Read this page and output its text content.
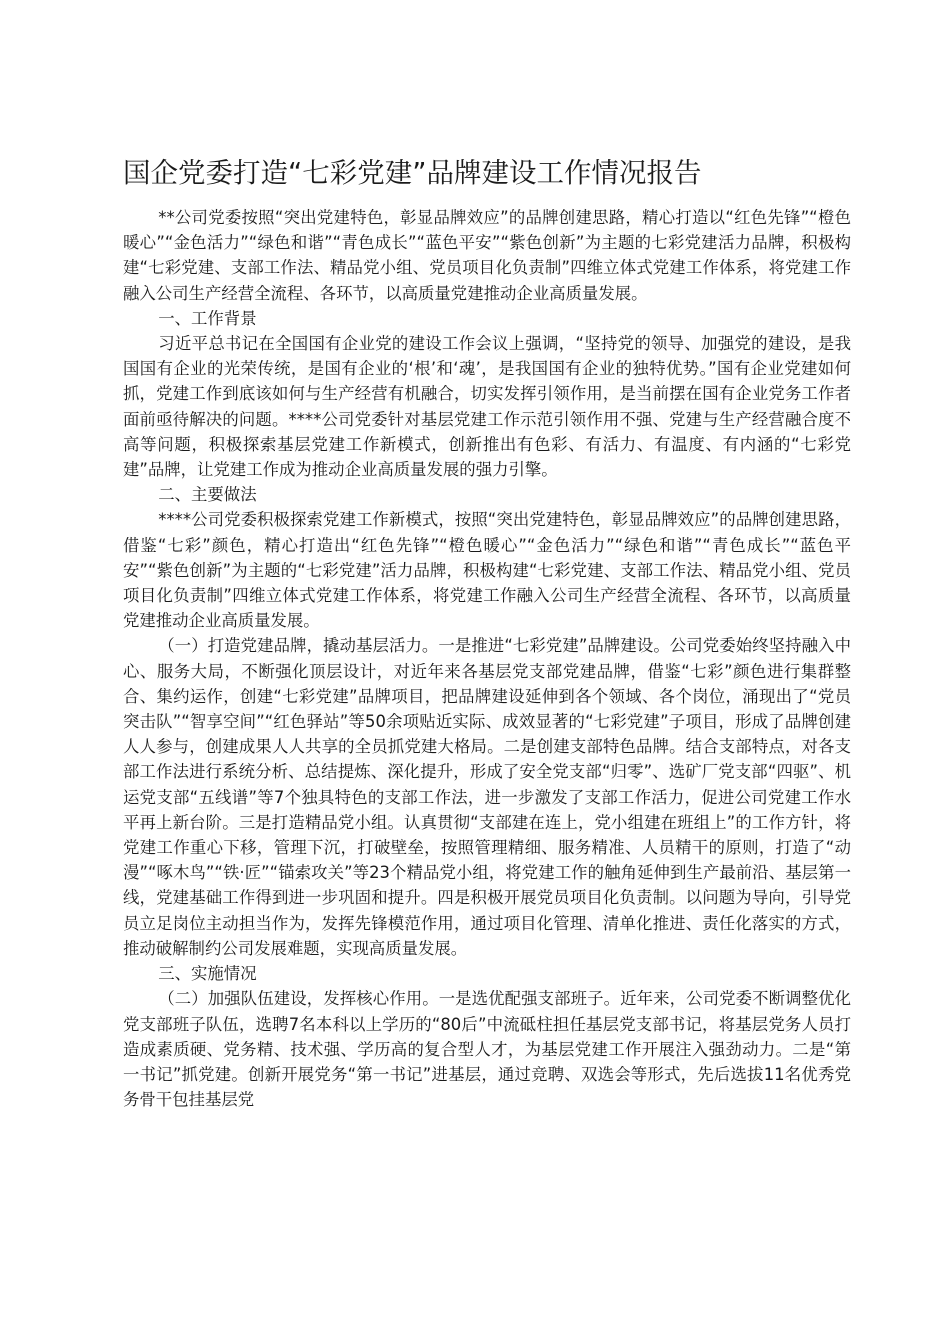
国企党委打造“七彩党建”品牌建设工作情况报告

**公司党委按照“突出党建特色，彰显品牌效应”的品牌创建思路，精心打造以“红色先锋”“橙色暖心”“金色活力”“绿色和谐”“青色成长”“蓝色平安”“紫色创新”为主题的七彩党建活力品牌，积极构建“七彩党建、支部工作法、精品党小组、党员项目化负责制”四维立体式党建工作体系，将党建工作融入公司生产经营全流程、各环节，以高质量党建推动企业高质量发展。

一、工作背景

习近平总书记在全国国有企业党的建设工作会议上强调，“坚持党的领导、加强党的建设，是我国国有企业的光荣传统，是国有企业的‘根’和‘魂’，是我国国有企业的独特优势。”国有企业党建如何抓，党建工作到底该如何与生产经营有机融合，切实发挥引领作用，是当前摆在国有企业党务工作者面前亟待解决的问题。****公司党委针对基层党建工作示范引领作用不强、党建与生产经营融合度不高等问题，积极探索基层党建工作新模式，创新推出有色彩、有活力、有温度、有内涵的“七彩党建”品牌，让党建工作成为推动企业高质量发展的强力引擎。

二、主要做法

****公司党委积极探索党建工作新模式，按照“突出党建特色，彰显品牌效应”的品牌创建思路，借鉴“七彩”颜色，精心打造出“红色先锋”“橙色暖心”“金色活力”“绿色和谐”“青色成长”“蓝色平安”“紫色创新”为主题的“七彩党建”活力品牌，积极构建“七彩党建、支部工作法、精品党小组、党员项目化负责制”四维立体式党建工作体系，将党建工作融入公司生产经营全流程、各环节，以高质量党建推动企业高质量发展。

（一）打造党建品牌，撬动基层活力。一是推进“七彩党建”品牌建设。公司党委始终坚持融入中心、服务大局，不断强化顶层设计，对近年来各基层党支部党建品牌，借鉴“七彩”颜色进行集群整合、集约运作，创建“七彩党建”品牌项目，把品牌建设延伸到各个领域、各个岗位，涌现出了“党员突击队”“智享空间”“红色驿站”等50余项贴近实际、成效显著的“七彩党建”子项目，形成了品牌创建人人参与，创建成果人人共享的全员抓党建大格局。二是创建支部特色品牌。结合支部特点，对各支部工作法进行系统分析、总结提炼、深化提升，形成了安全党支部“归零”、选矿厂党支部“四驱”、机运党支部“五线谱”等7个独具特色的支部工作法，进一步激发了支部工作活力，促进公司党建工作水平再上新台阶。三是打造精品党小组。认真贯彻“支部建在连上，党小组建在班组上”的工作方针，将党建工作重心下移，管理下沉，打破壁垒，按照管理精细、服务精准、人员精干的原则，打造了“动漫”“啄木鸟”“铁·匠”“锚索攻关”等23个精品党小组，将党建工作的触角延伸到生产最前沿、基层第一线，党建基础工作得到进一步巩固和提升。四是积极开展党员项目化负责制。以问题为导向，引导党员立足岗位主动担当作为，发挥先锋模范作用，通过项目化管理、清单化推进、责任化落实的方式，推动破解制约公司发展难题，实现高质量发展。

三、实施情况

（二）加强队伍建设，发挥核心作用。一是选优配强支部班子。近年来，公司党委不断调整优化党支部班子队伍，选聘7名本科以上学历的“80后”中流砥柱担任基层党支部书记，将基层党务人员打造成素质硬、党务精、技术强、学历高的复合型人才，为基层党建工作开展注入强劲动力。二是“第一书记”抓党建。创新开展党务“第一书记”进基层，通过竞聘、双选会等形式，先后选拔11名优秀党务骨干包挂基层党
